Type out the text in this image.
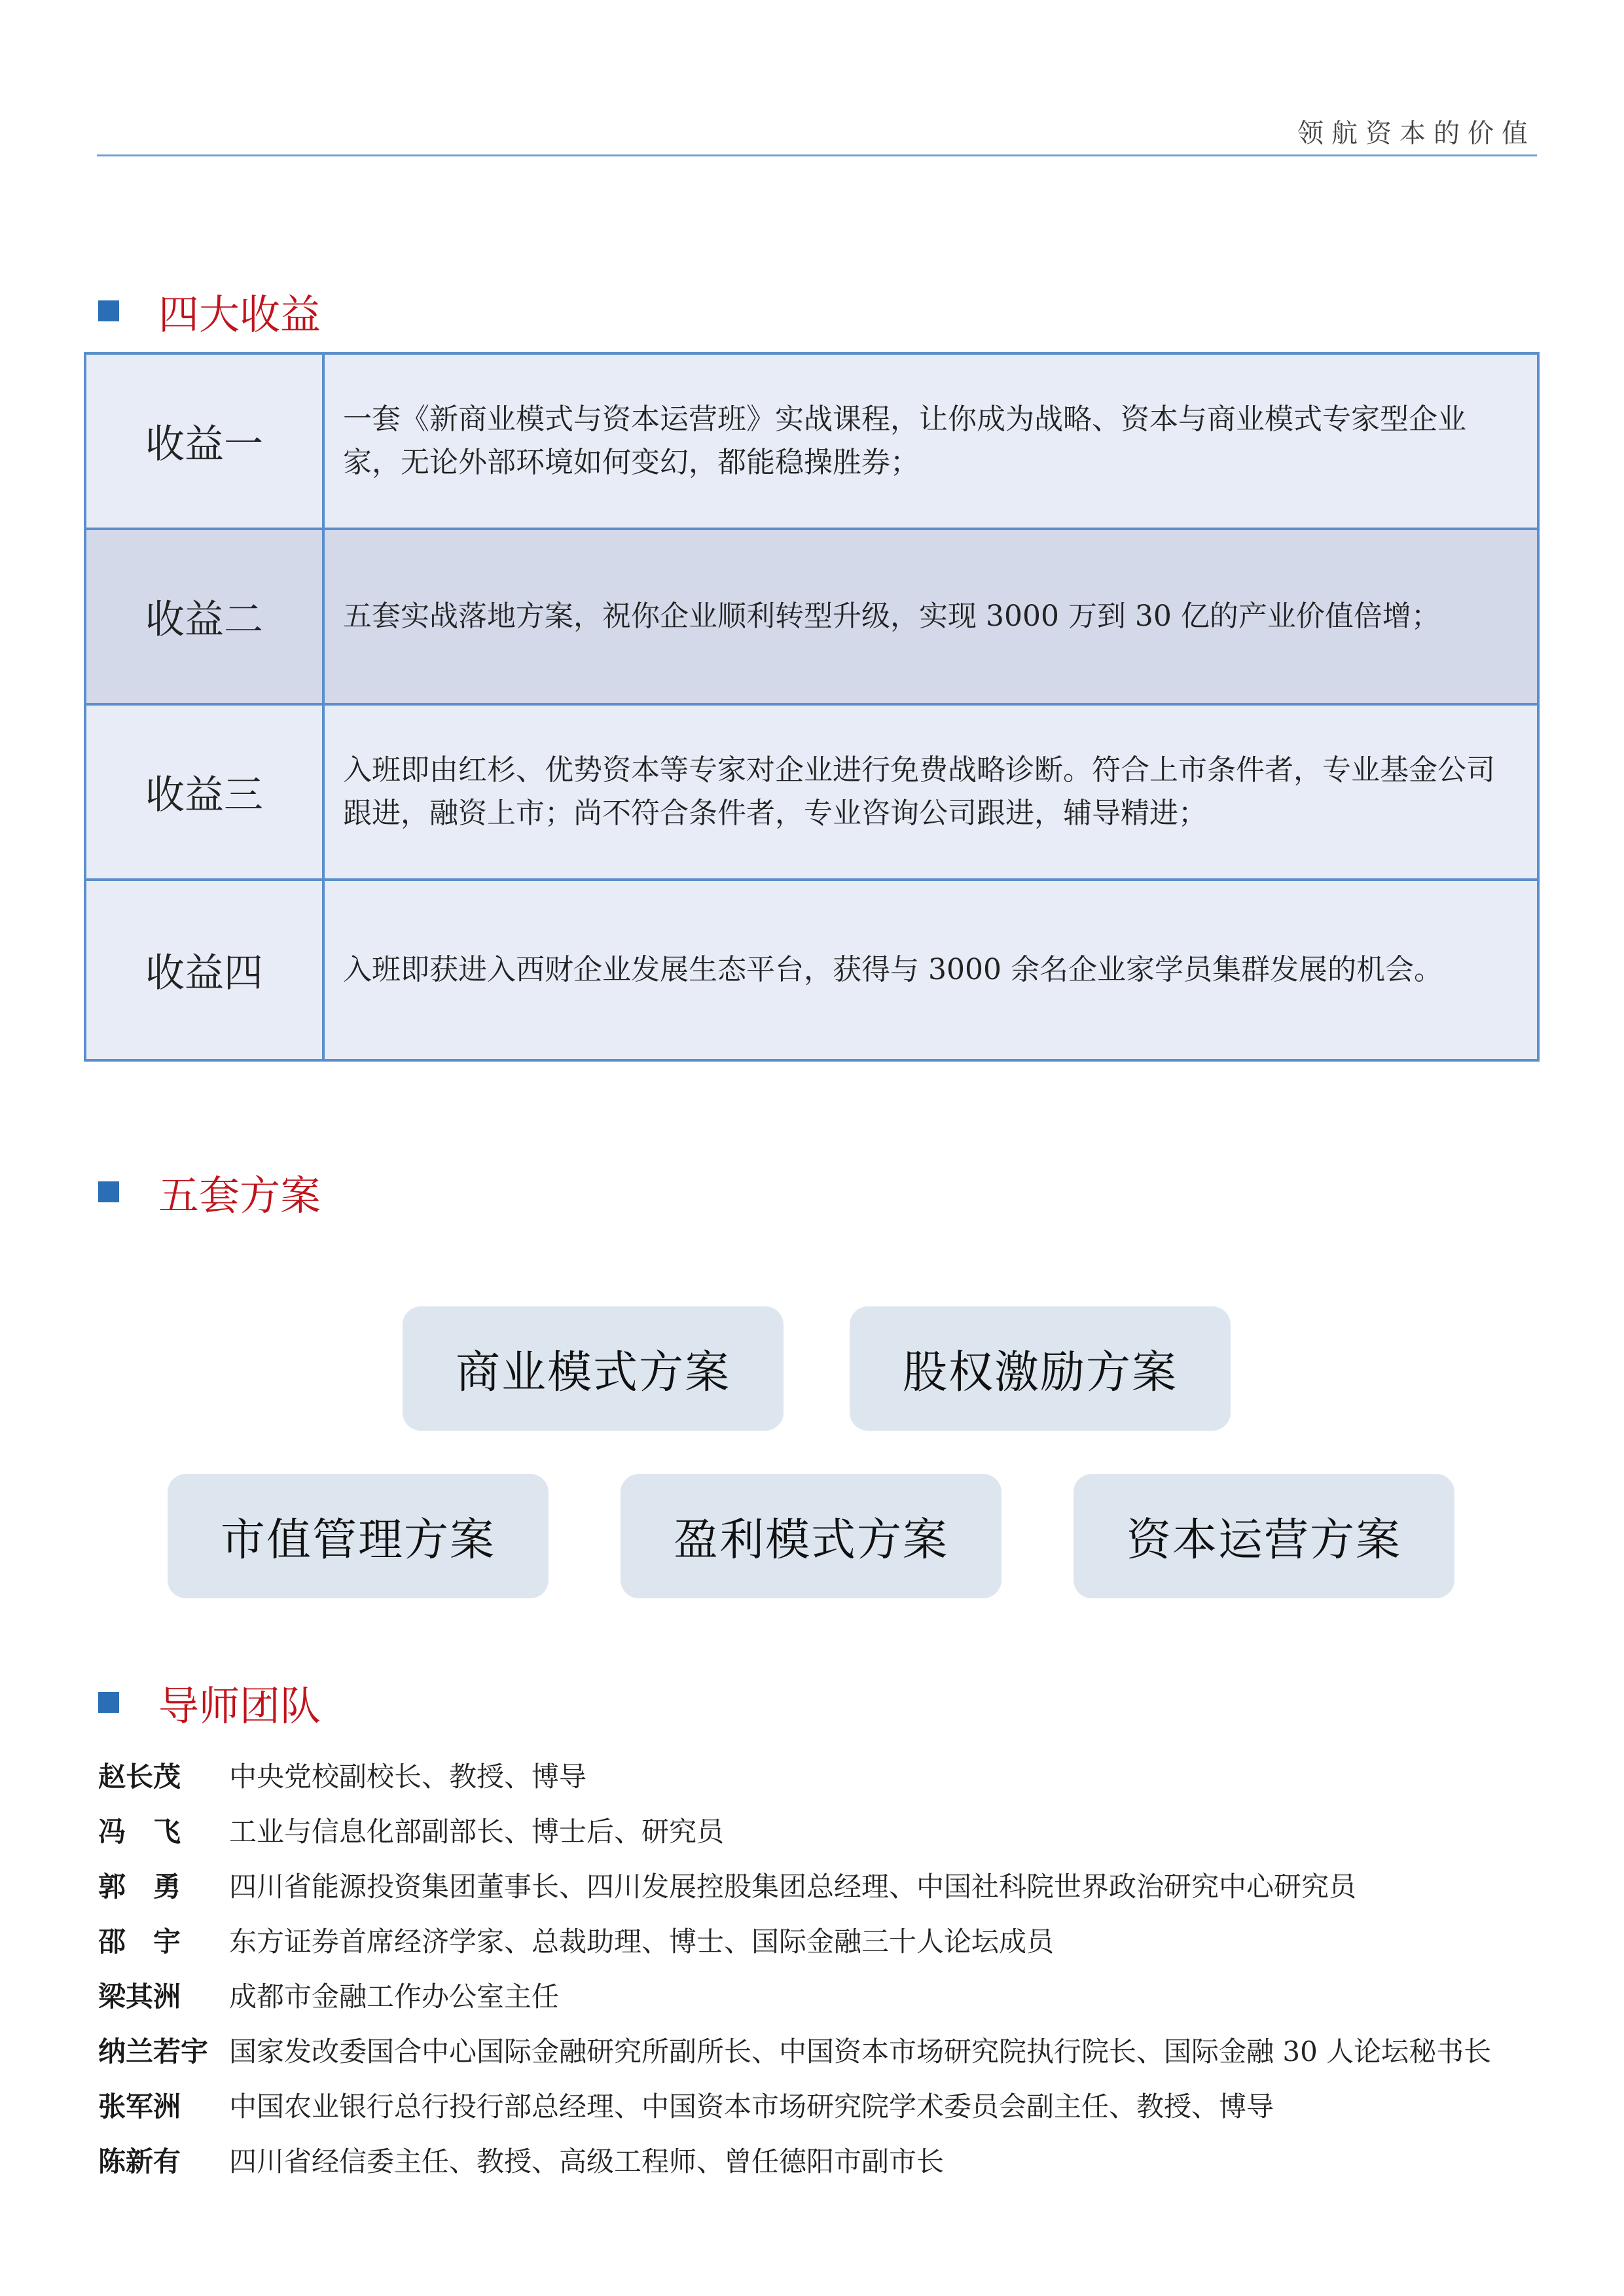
领航资本的价值
四大收益
收益一	一套《新商业模式与资本运营班》实战课程，让你成为战略、资本与商业模式专家型企业家，无论外部环境如何变幻，都能稳操胜券；
收益二	五套实战落地方案，祝你企业顺利转型升级，实现 3000 万到 30 亿的产业价值倍增；
收益三	入班即由红杉、优势资本等专家对企业进行免费战略诊断。符合上市条件者，专业基金公司跟进，融资上市；尚不符合条件者，专业咨询公司跟进，辅导精进；
收益四	入班即获进入西财企业发展生态平台，获得与 3000 余名企业家学员集群发展的机会。
五套方案
商业模式方案	股权激励方案
市值管理方案	盈利模式方案	资本运营方案
导师团队
赵长茂	中央党校副校长、教授、博导
冯　飞	工业与信息化部副部长、博士后、研究员
郭　勇	四川省能源投资集团董事长、四川发展控股集团总经理、中国社科院世界政治研究中心研究员
邵　宇	东方证券首席经济学家、总裁助理、博士、国际金融三十人论坛成员
梁其洲	成都市金融工作办公室主任
纳兰若宇 国家发改委国合中心国际金融研究所副所长、中国资本市场研究院执行院长、国际金融 30 人论坛秘书长
张军洲	中国农业银行总行投行部总经理、中国资本市场研究院学术委员会副主任、教授、博导
陈新有	四川省经信委主任、教授、高级工程师、曾任德阳市副市长
